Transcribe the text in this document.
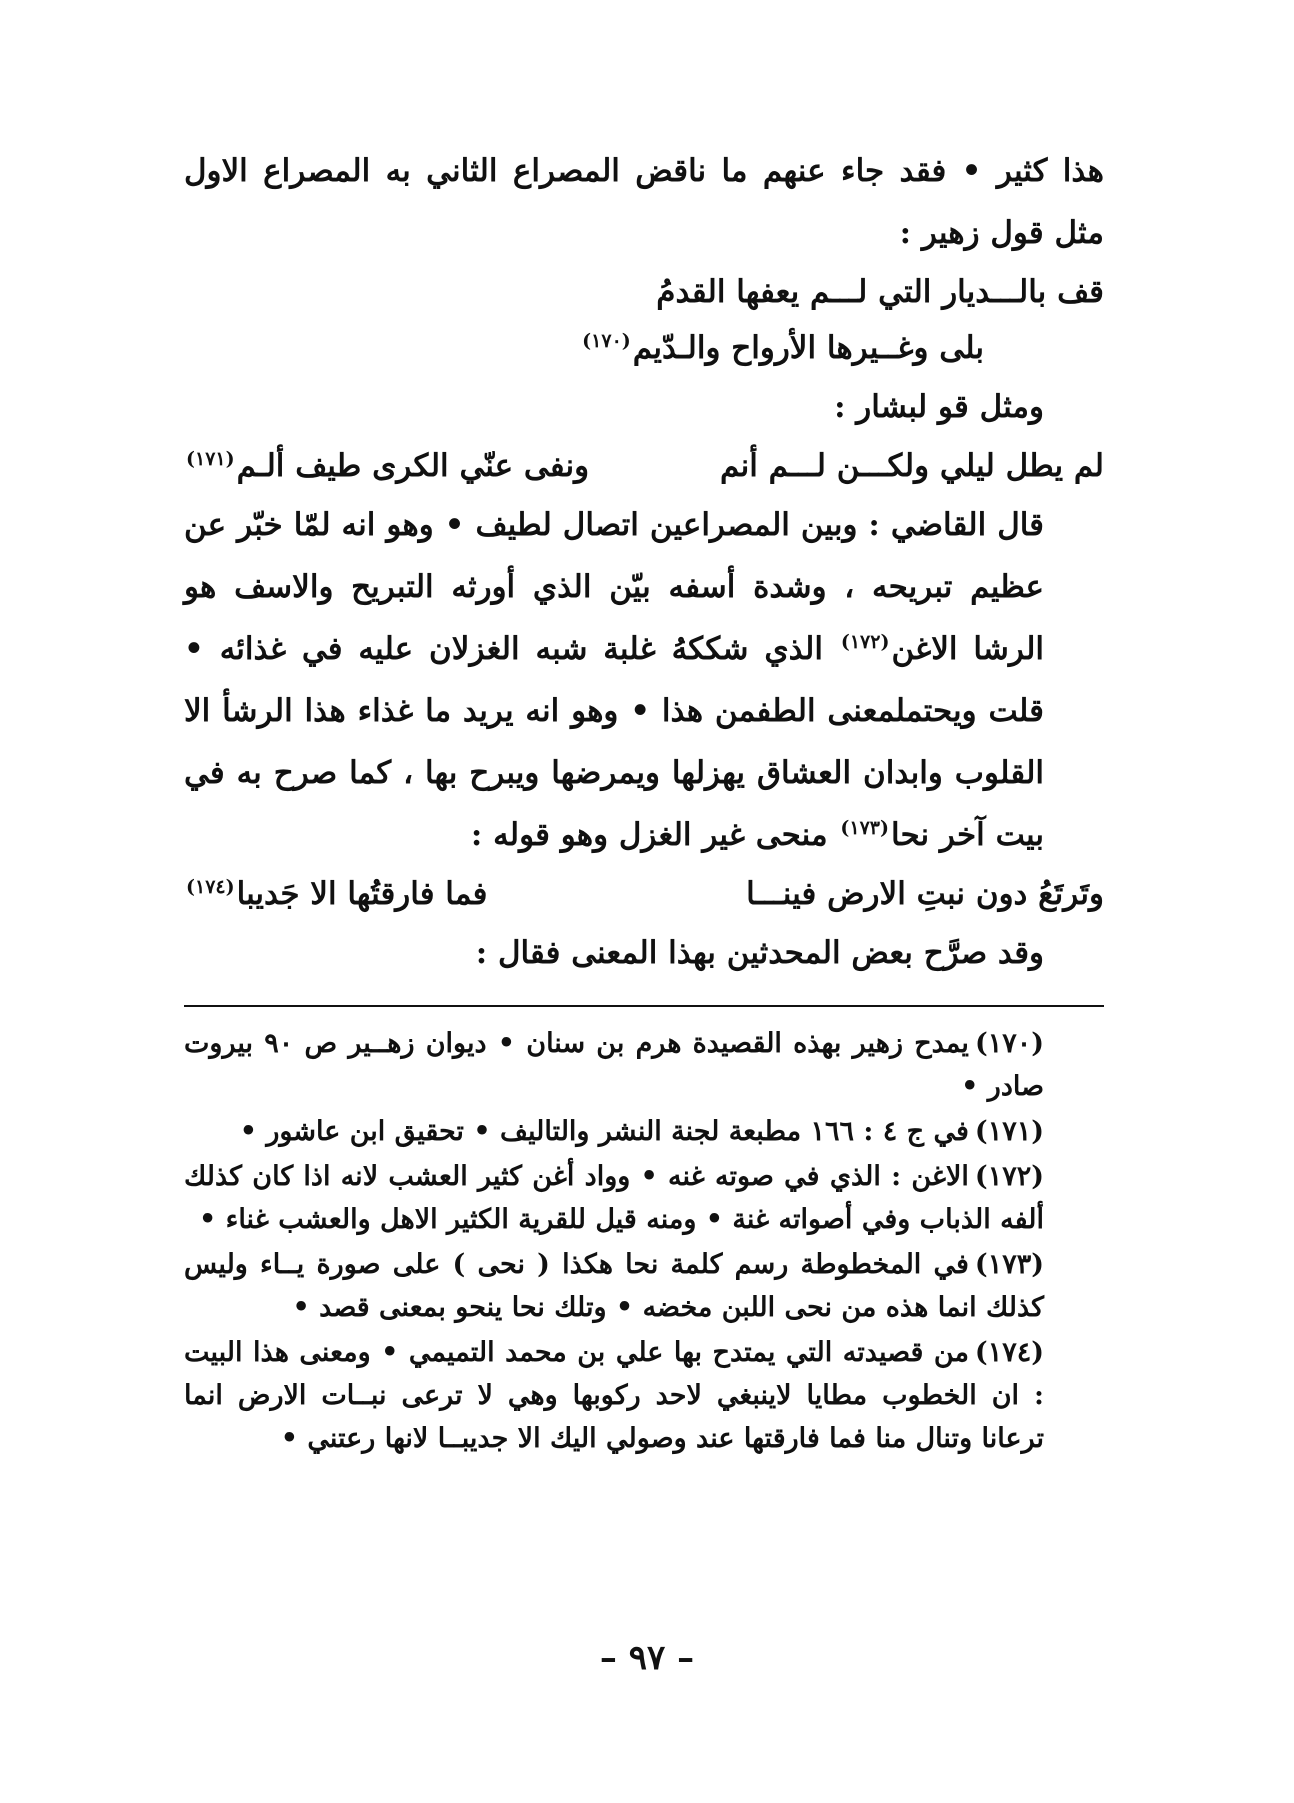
هذا كثير • فقد جاء عنهم ما ناقض المصراع الثاني به المصراع الاول مثل قول زهير :

قف بالـــديار التي لـــم يعفها القدمُ
بلى وغــيرها الأرواح والـدّيم$^{(١٧٠)}$

ومثل قو لبشار :

لم يطل ليلي ولكـــن لـــم أنم
ونفى عنّي الكرى طيف ألـم$^{(١٧١)}$

قال القاضي : وبين المصراعين اتصال لطيف • وهو انه لمّا خبّر عن عظيم تبريحه ، وشدة أسفه بيّن الذي أورثه التبريح والاسف هو الرشا الاغن$^{(١٧٢)}$ الذي شككهُ غلبة شبه الغزلان عليه في غذائه • قلت ويحتملمعنى الطفمن هذا • وهو انه يريد ما غذاء هذا الرشأ الا القلوب وابدان العشاق يهزلها ويمرضها ويبرح بها ، كما صرح به في بيت آخر نحا$^{(١٧٣)}$ منحى غير الغزل وهو قوله :

وتَرتَعُ دون نبتِ الارض فينـــا
فما فارقتُها الا جَديبا$^{(١٧٤)}$

وقد صرَّح بعض المحدثين بهذا المعنى فقال :

(١٧٠)يمدح زهير بهذه القصيدة هرم بن سنان • ديوان زهــير ص ٩٠ بيروت صادر •

(١٧١)في ج ٤ : ١٦٦ مطبعة لجنة النشر والتاليف • تحقيق ابن عاشور •

(١٧٢)الاغن : الذي في صوته غنه • وواد أغن كثير العشب لانه اذا كان كذلك ألفه الذباب وفي أصواته غنة • ومنه قيل للقرية الكثير الاهل والعشب غناء •

(١٧٣)في المخطوطة رسم كلمة نحا هكذا ( نحى ) على صورة يــاء وليس كذلك انما هذه من نحى اللبن مخضه • وتلك نحا ينحو بمعنى قصد •

(١٧٤)من قصيدته التي يمتدح بها علي بن محمد التميمي • ومعنى هذا البيت : ان الخطوب مطايا لاينبغي لاحد ركوبها وهي لا ترعى نبــات الارض انما ترعانا وتنال منا فما فارقتها عند وصولي اليك الا جديبــا لانها رعتني •

– ٩٧ –
